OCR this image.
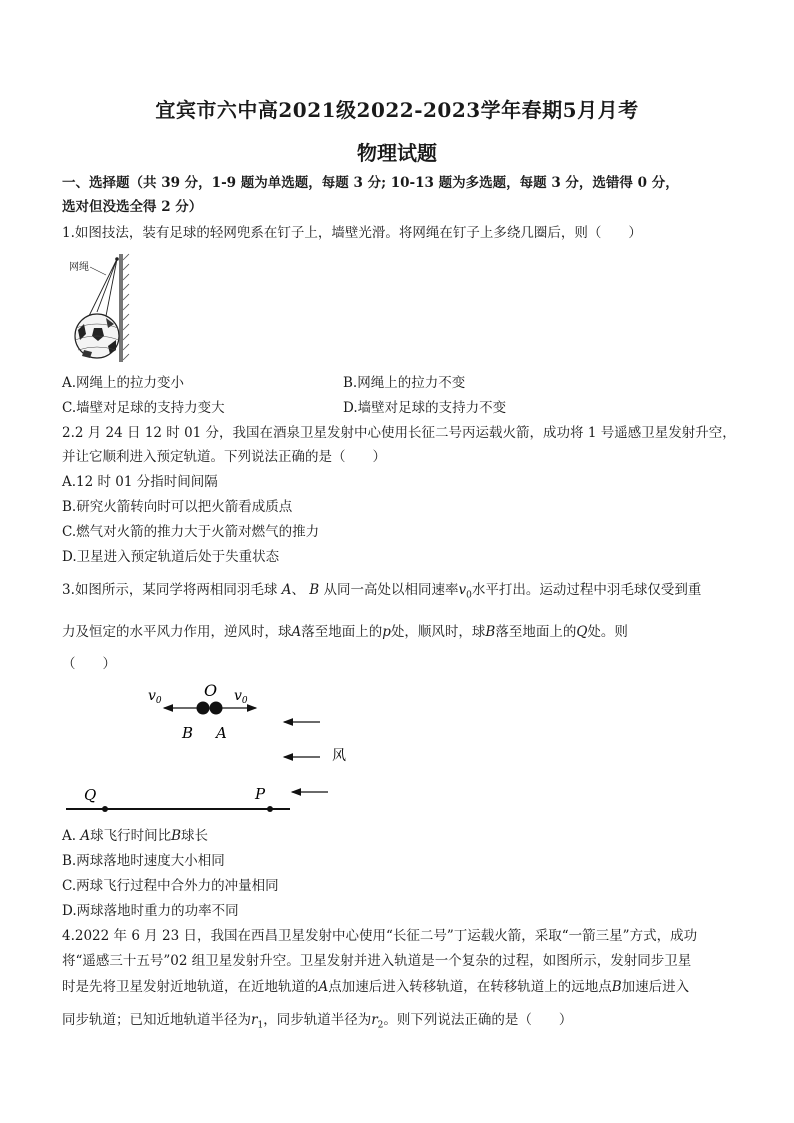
宜宾市六中高2021级2022-2023学年春期5月月考
物理试题
一、选择题（共 39 分，1-9 题为单选题，每题 3 分; 10-13 题为多选题，每题 3 分，选错得 0 分，
选对但没选全得 2 分）
1.如图技法，装有足球的轻网兜系在钉子上，墙壁光滑。将网绳在钉子上多绕几圈后，则（　　）
网绳
A.网绳上的拉力变小	B.网绳上的拉力不变
C.墙壁对足球的支持力变大	D.墙壁对足球的支持力不变
2.2 月 24 日 12 时 01 分，我国在酒泉卫星发射中心使用长征二号丙运载火箭，成功将 1 号遥感卫星发射升空，
并让它顺利进入预定轨道。下列说法正确的是（　　）
A.12 时 01 分指时间间隔
B.研究火箭转向时可以把火箭看成质点
C.燃气对火箭的推力大于火箭对燃气的推力
D.卫星进入预定轨道后处于失重状态
3.如图所示，某同学将两相同羽毛球 A、 B 从同一高处以相同速率$v_0$水平打出。运动过程中羽毛球仅受到重
力及恒定的水平风力作用，逆风时，球A落至地面上的p处，顺风时，球B落至地面上的Q处。则
（　　）
$v_0$
O $v_0$
B A
风
Q	P
A. A球飞行时间比B球长
B.两球落地时速度大小相同
C.两球飞行过程中合外力的冲量相同
D.两球落地时重力的功率不同
4.2022 年 6 月 23 日，我国在西昌卫星发射中心使用“长征二号”丁运载火箭，采取“一箭三星”方式，成功
将“遥感三十五号”02 组卫星发射升空。卫星发射并进入轨道是一个复杂的过程，如图所示，发射同步卫星
时是先将卫星发射近地轨道，在近地轨道的A点加速后进入转移轨道，在转移轨道上的远地点B加速后进入
同步轨道；已知近地轨道半径为$r_1$，同步轨道半径为$r_2$。则下列说法正确的是（　　）
